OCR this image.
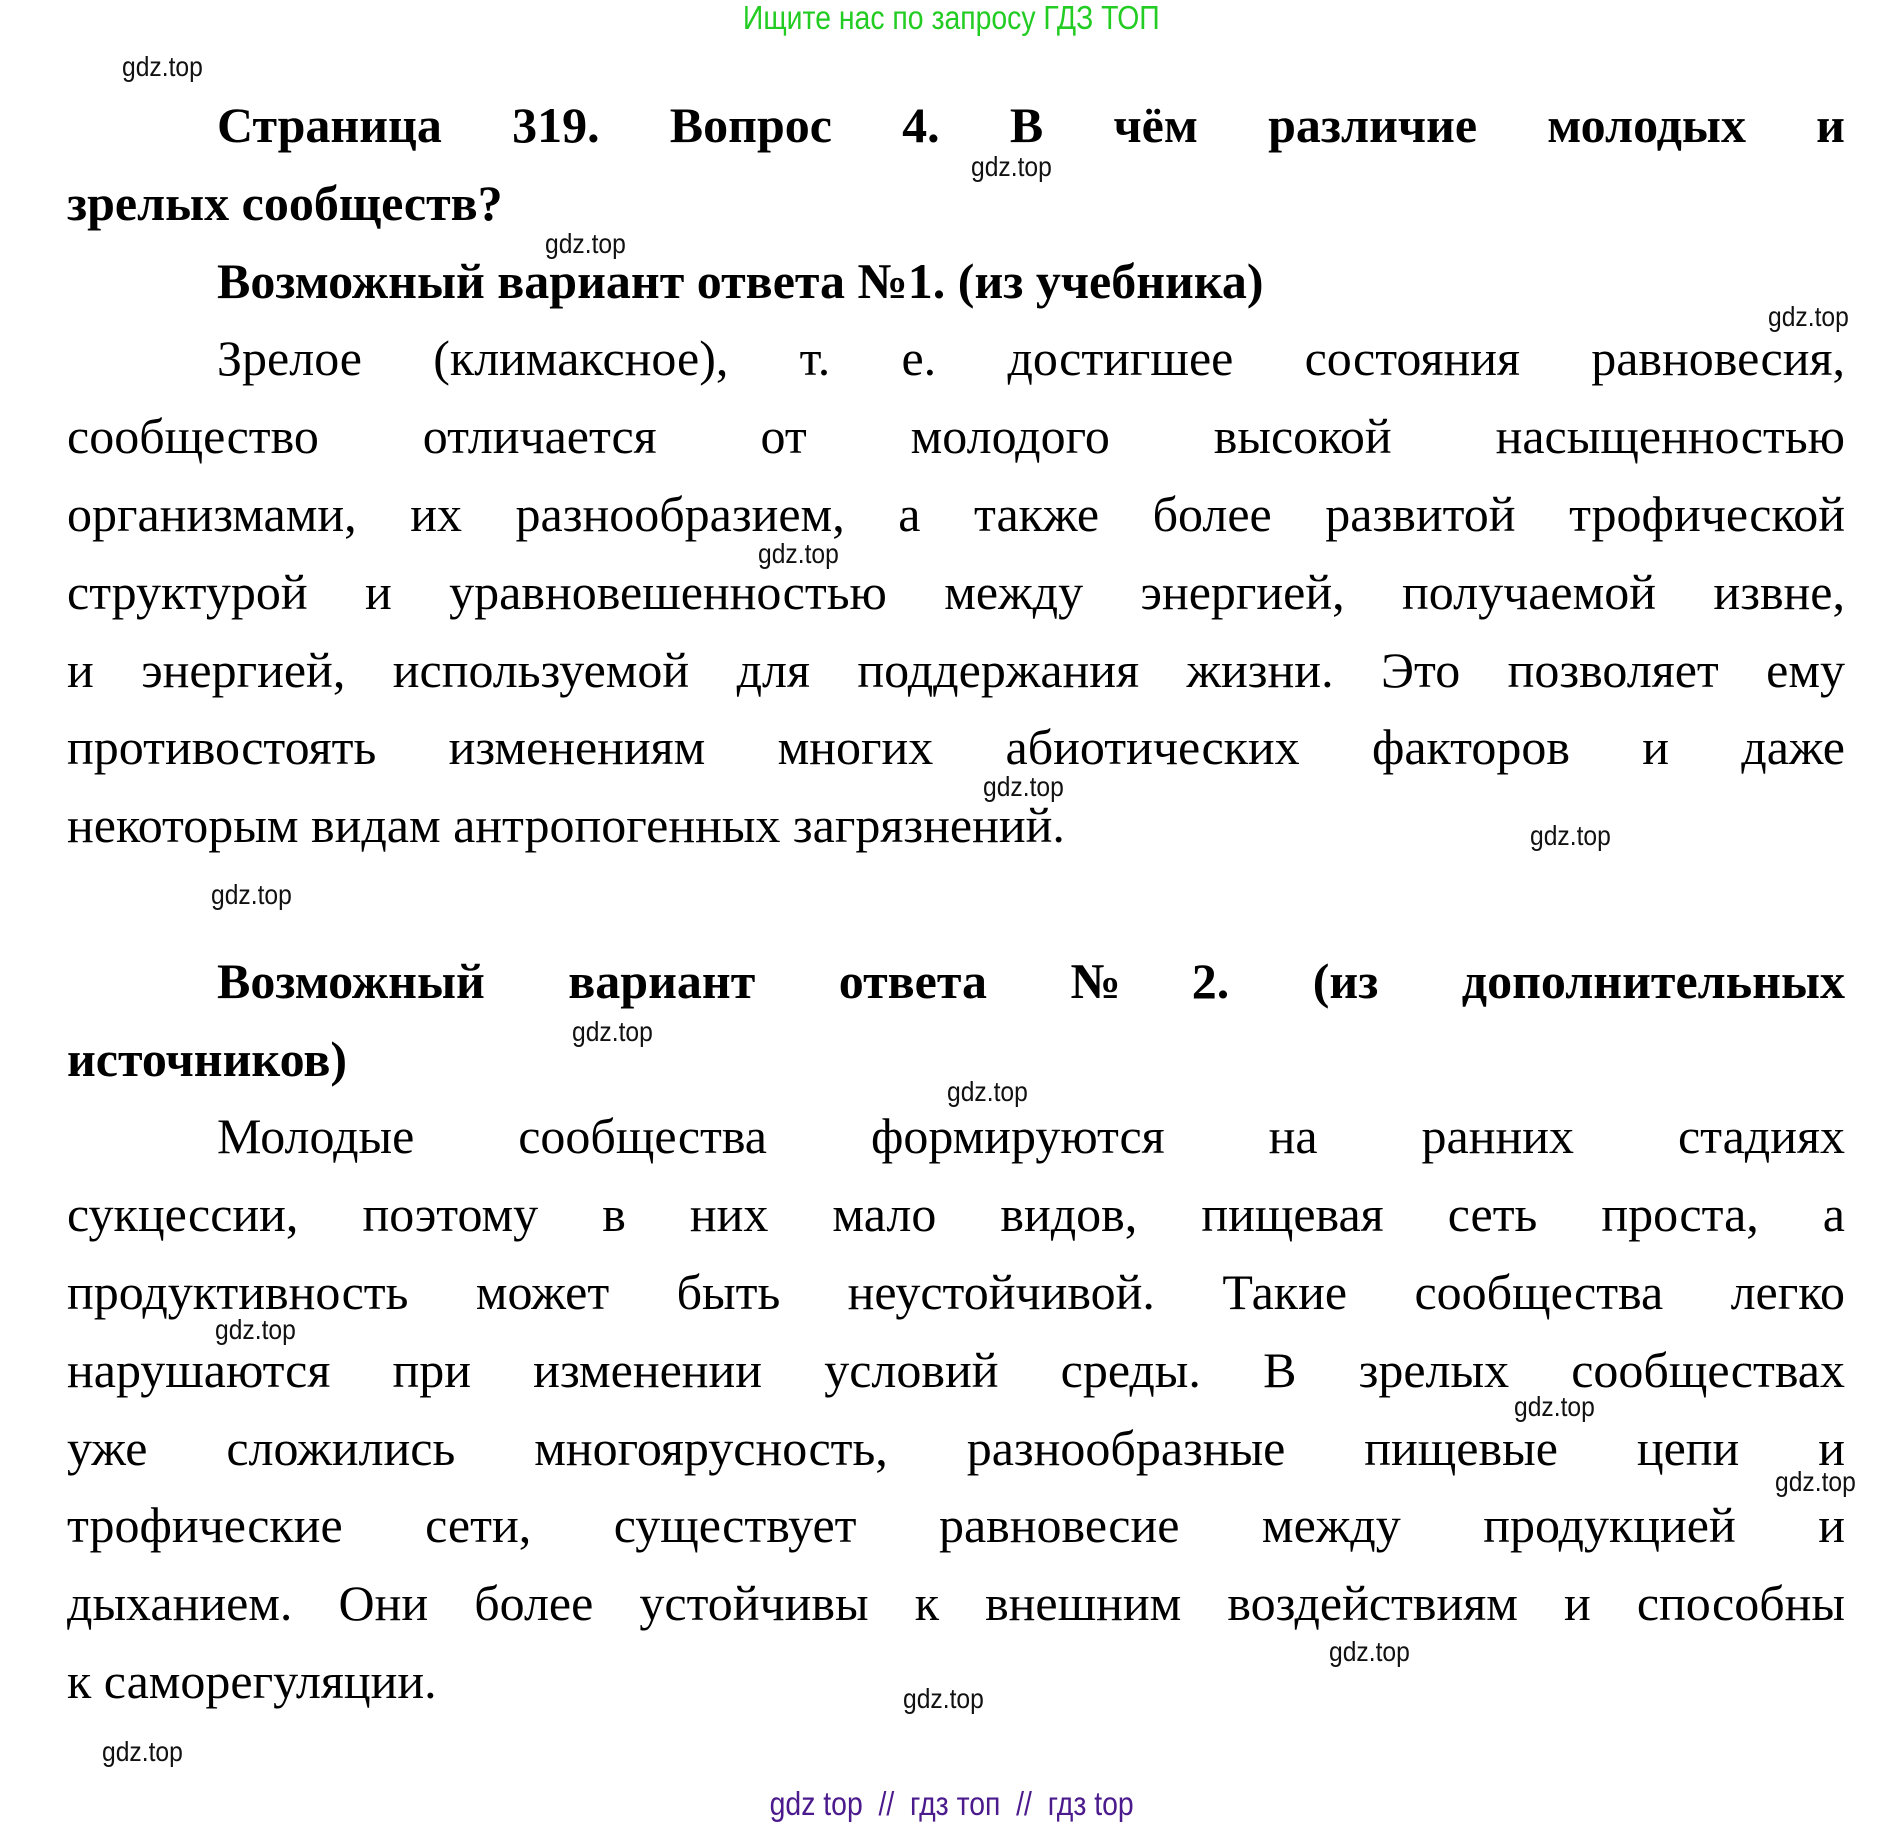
Ищите нас по запросу ГДЗ ТОП
Страница 319. Вопрос 4. В чём различие молодых и
зрелых сообществ?
Возможный вариант ответа №1. (из учебника)
Зрелое (климаксное), т. е. достигшее состояния равновесия,
сообщество отличается от молодого высокой насыщенностью
организмами, их разнообразием, а также более развитой трофической
структурой и уравновешенностью между энергией, получаемой извне,
и энергией, используемой для поддержания жизни. Это позволяет ему
противостоять изменениям многих абиотических факторов и даже
некоторым видам антропогенных загрязнений.
Возможный вариант ответа №2. (из дополнительных
источников)
Молодые сообщества формируются на ранних стадиях
сукцессии, поэтому в них мало видов, пищевая сеть проста, а
продуктивность может быть неустойчивой. Такие сообщества легко
нарушаются при изменении условий среды. В зрелых сообществах
уже сложились многоярусность, разнообразные пищевые цепи и
трофические сети, существует равновесие между продукцией и
дыханием. Они более устойчивы к внешним воздействиям и способны
к саморегуляции.
gdz.top
gdz.top
gdz.top
gdz.top
gdz.top
gdz.top
gdz.top
gdz.top
gdz.top
gdz.top
gdz.top
gdz.top
gdz.top
gdz.top
gdz.top
gdz.top
gdz top  //  гдз топ  //  гдз top
